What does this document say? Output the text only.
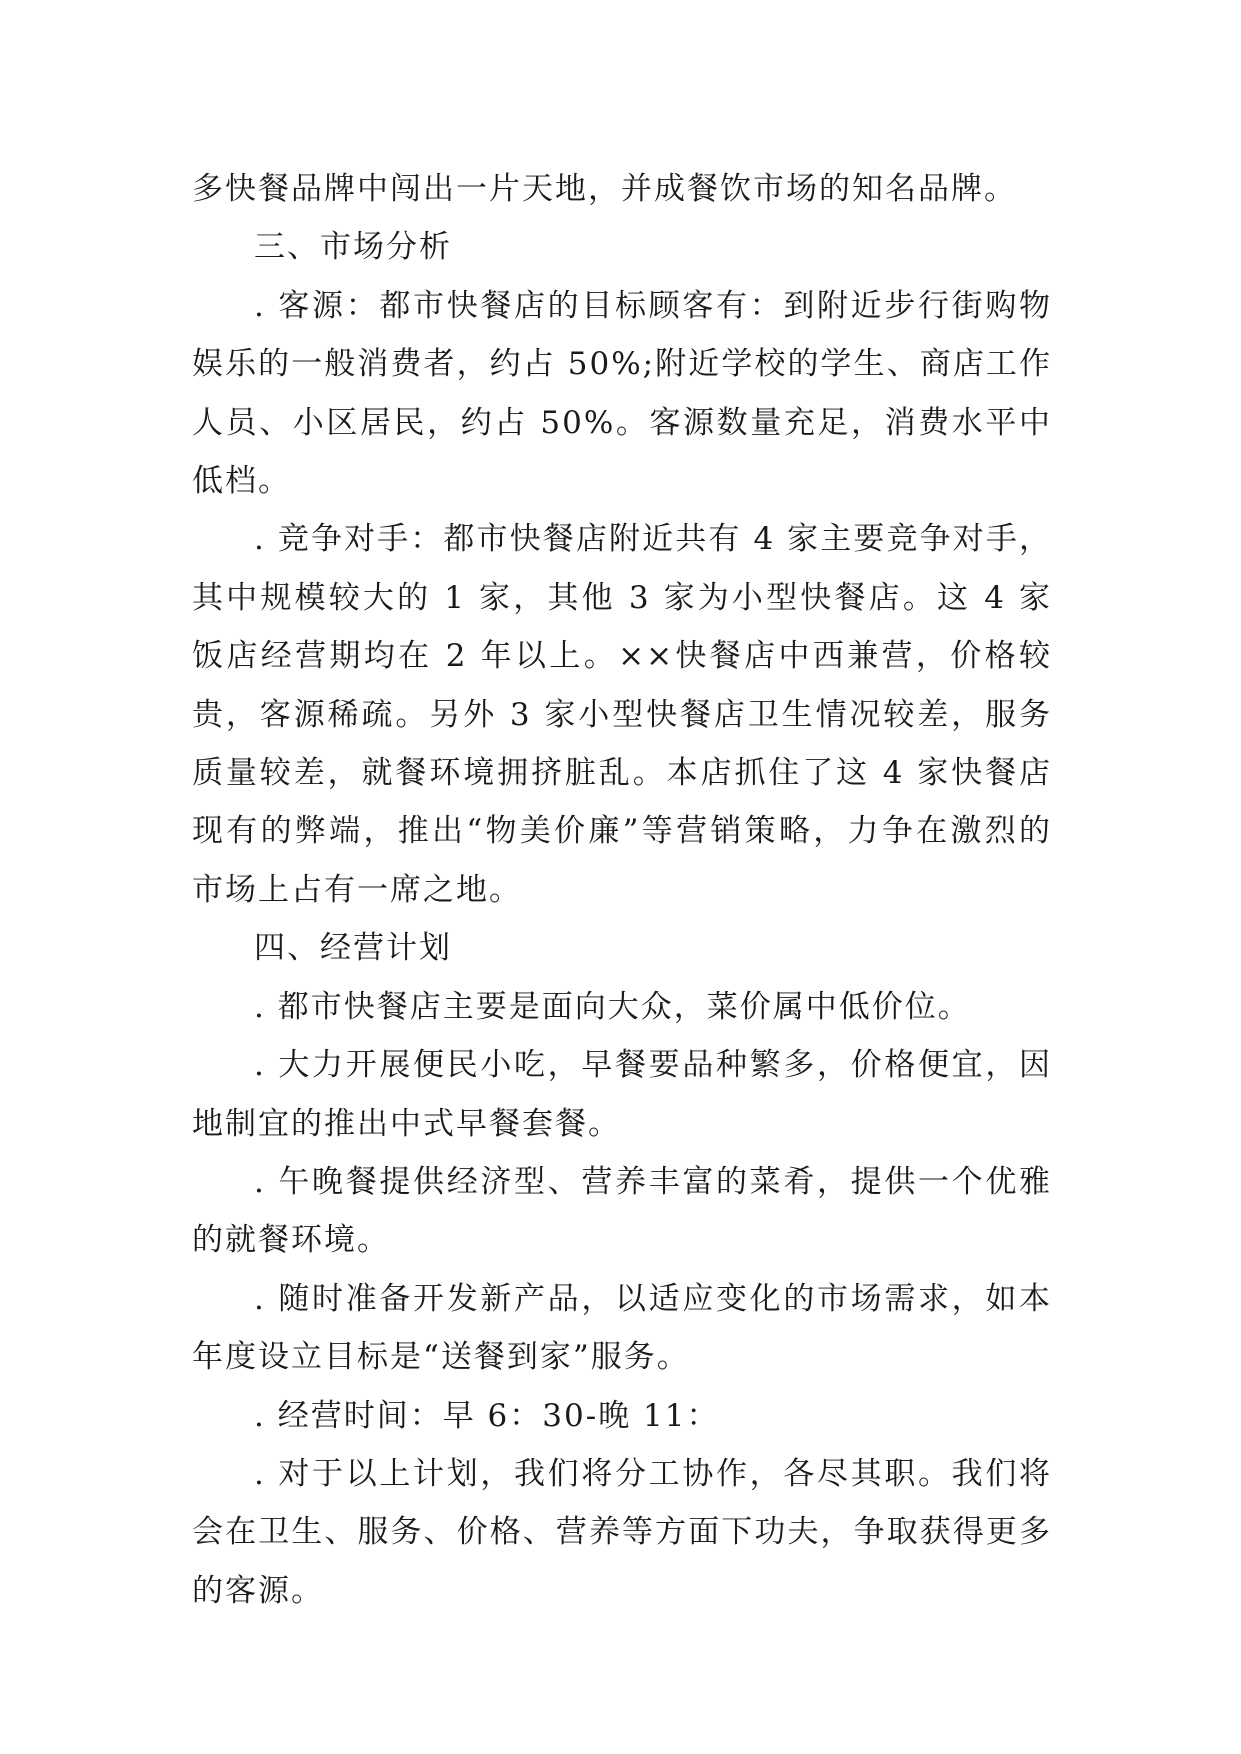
多快餐品牌中闯出一片天地，并成餐饮市场的知名品牌。

三、市场分析

. 客源：都市快餐店的目标顾客有：到附近步行街购物娱乐的一般消费者，约占 50%;附近学校的学生、商店工作人员、小区居民，约占 50%。客源数量充足，消费水平中低档。

. 竞争对手：都市快餐店附近共有 4 家主要竞争对手，其中规模较大的 1 家，其他 3 家为小型快餐店。这 4 家饭店经营期均在 2 年以上。××快餐店中西兼营，价格较贵，客源稀疏。另外 3 家小型快餐店卫生情况较差，服务质量较差，就餐环境拥挤脏乱。本店抓住了这 4 家快餐店现有的弊端，推出“物美价廉”等营销策略，力争在激烈的市场上占有一席之地。

四、经营计划

. 都市快餐店主要是面向大众，菜价属中低价位。

. 大力开展便民小吃，早餐要品种繁多，价格便宜，因地制宜的推出中式早餐套餐。

. 午晚餐提供经济型、营养丰富的菜肴，提供一个优雅的就餐环境。

. 随时准备开发新产品，以适应变化的市场需求，如本年度设立目标是“送餐到家”服务。

. 经营时间：早 6：30-晚 11：

. 对于以上计划，我们将分工协作，各尽其职。我们将会在卫生、服务、价格、营养等方面下功夫，争取获得更多的客源。
